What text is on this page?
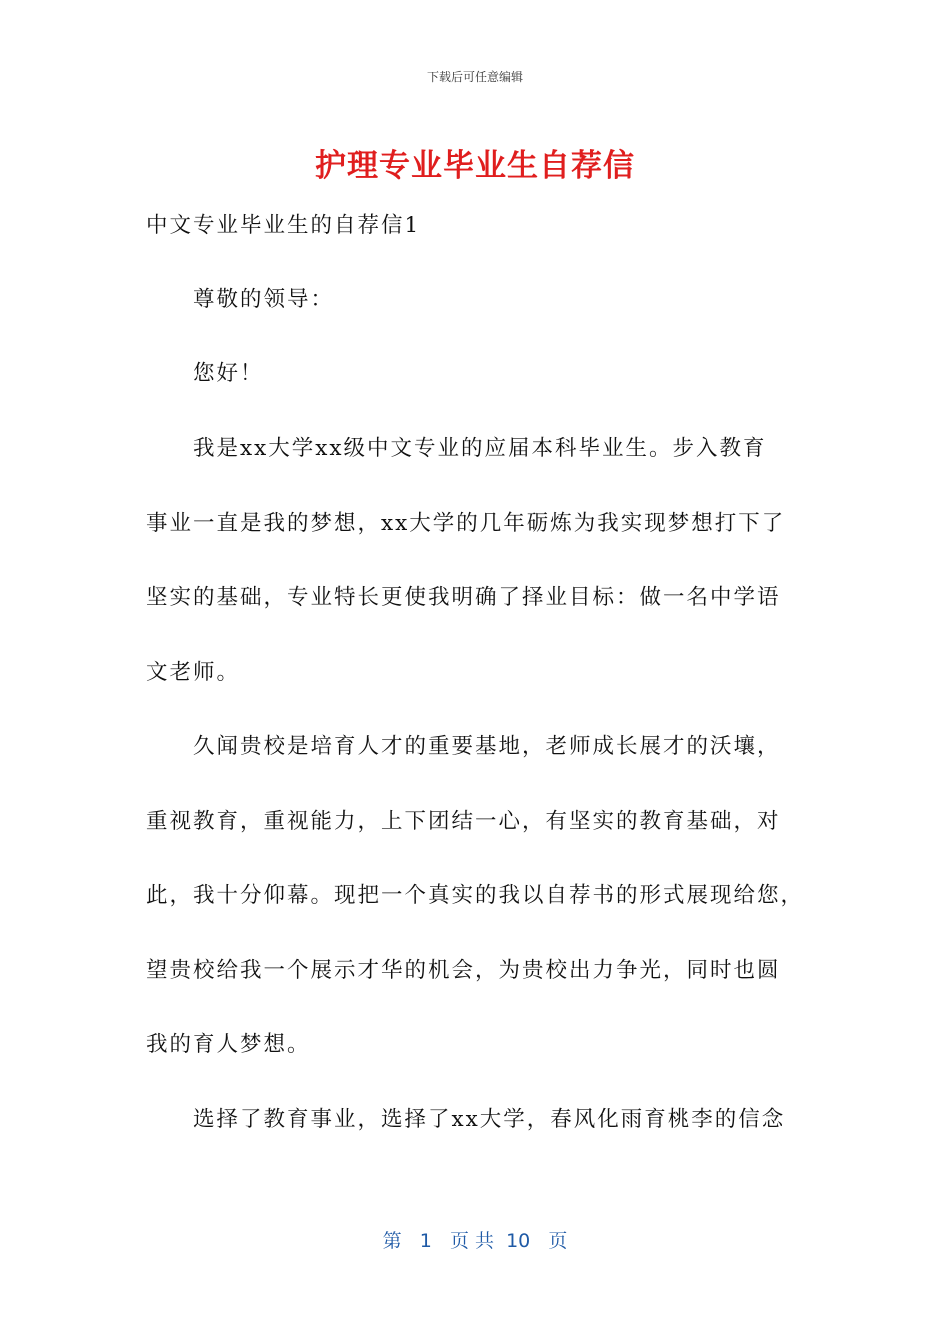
下载后可任意编辑
护理专业毕业生自荐信
中文专业毕业生的自荐信1
尊敬的领导：
您好！
我是xx大学xx级中文专业的应届本科毕业生。步入教育
事业一直是我的梦想，xx大学的几年砺炼为我实现梦想打下了
坚实的基础，专业特长更使我明确了择业目标：做一名中学语
文老师。
久闻贵校是培育人才的重要基地，老师成长展才的沃壤，
重视教育，重视能力，上下团结一心，有坚实的教育基础，对
此，我十分仰幕。现把一个真实的我以自荐书的形式展现给您，
望贵校给我一个展示才华的机会，为贵校出力争光，同时也圆
我的育人梦想。
选择了教育事业，选择了xx大学，春风化雨育桃李的信念
第 1 页 共 10 页
